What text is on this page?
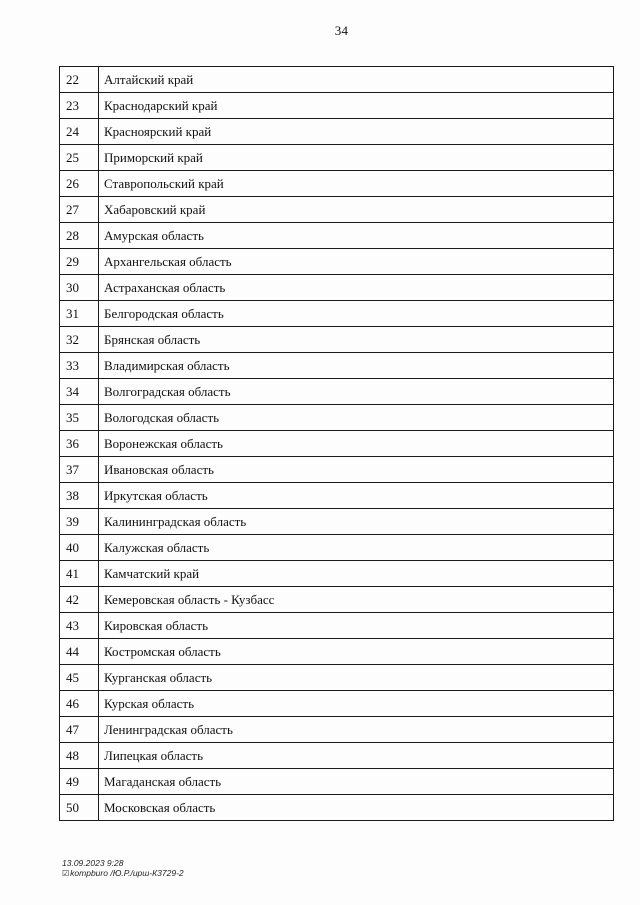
34
22	Алтайский край
23	Краснодарский край
24	Красноярский край
25	Приморский край
26	Ставропольский край
27	Хабаровский край
28	Амурская область
29	Архангельская область
30	Астраханская область
31	Белгородская область
32	Брянская область
33	Владимирская область
34	Волгоградская область
35	Вологодская область
36	Воронежская область
37	Ивановская область
38	Иркутская область
39	Калининградская область
40	Калужская область
41	Камчатский край
42	Кемеровская область - Кузбасс
43	Кировская область
44	Костромская область
45	Курганская область
46	Курская область
47	Ленинградская область
48	Липецкая область
49	Магаданская область
50	Московская область
13.09.2023 9:28
☑kompburo /Ю.Р./ирш-К3729-2
